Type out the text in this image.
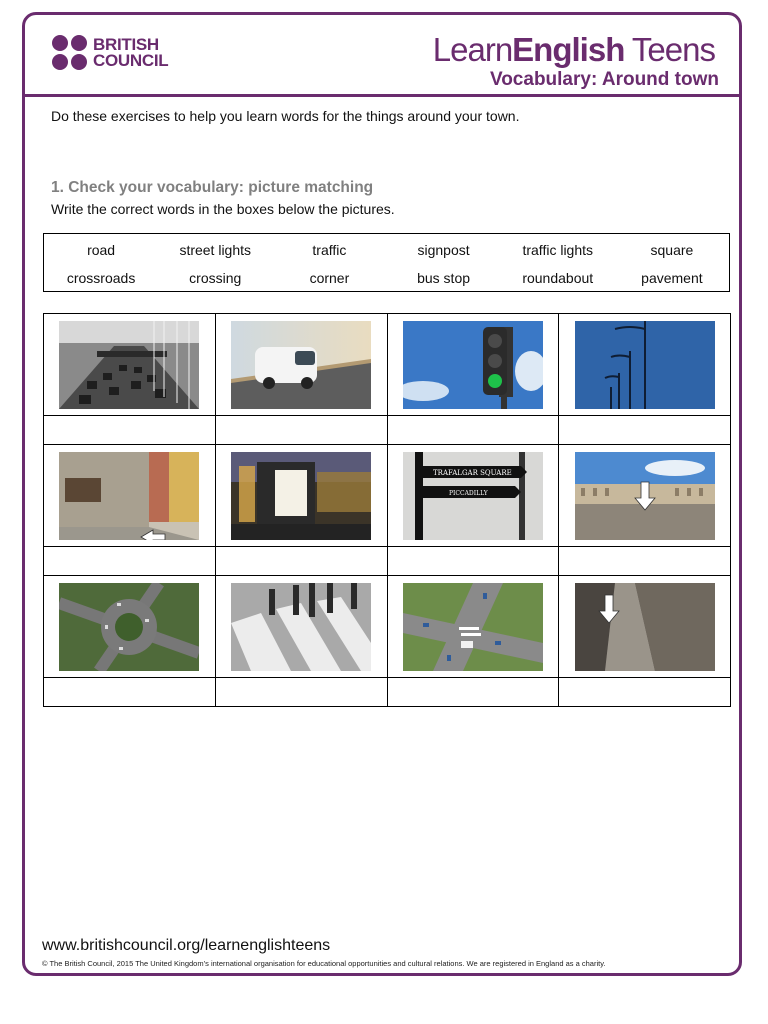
BRITISH
COUNCIL	LearnEnglish Teens
Vocabulary: Around town
Do these exercises to help you learn words for the things around your town.
1. Check your vocabulary: picture matching
Write the correct words in the boxes below the pictures.
road	street lights	traffic	signpost	traffic lights	square
crossroads	crossing	corner	bus stop	roundabout	pavement
TRAFALGAR SQUARE
PICCADILLY
www.britishcouncil.org/learnenglishteens
© The British Council, 2015 The United Kingdom’s international organisation for educational opportunities and cultural relations. We are registered in England as a charity.
